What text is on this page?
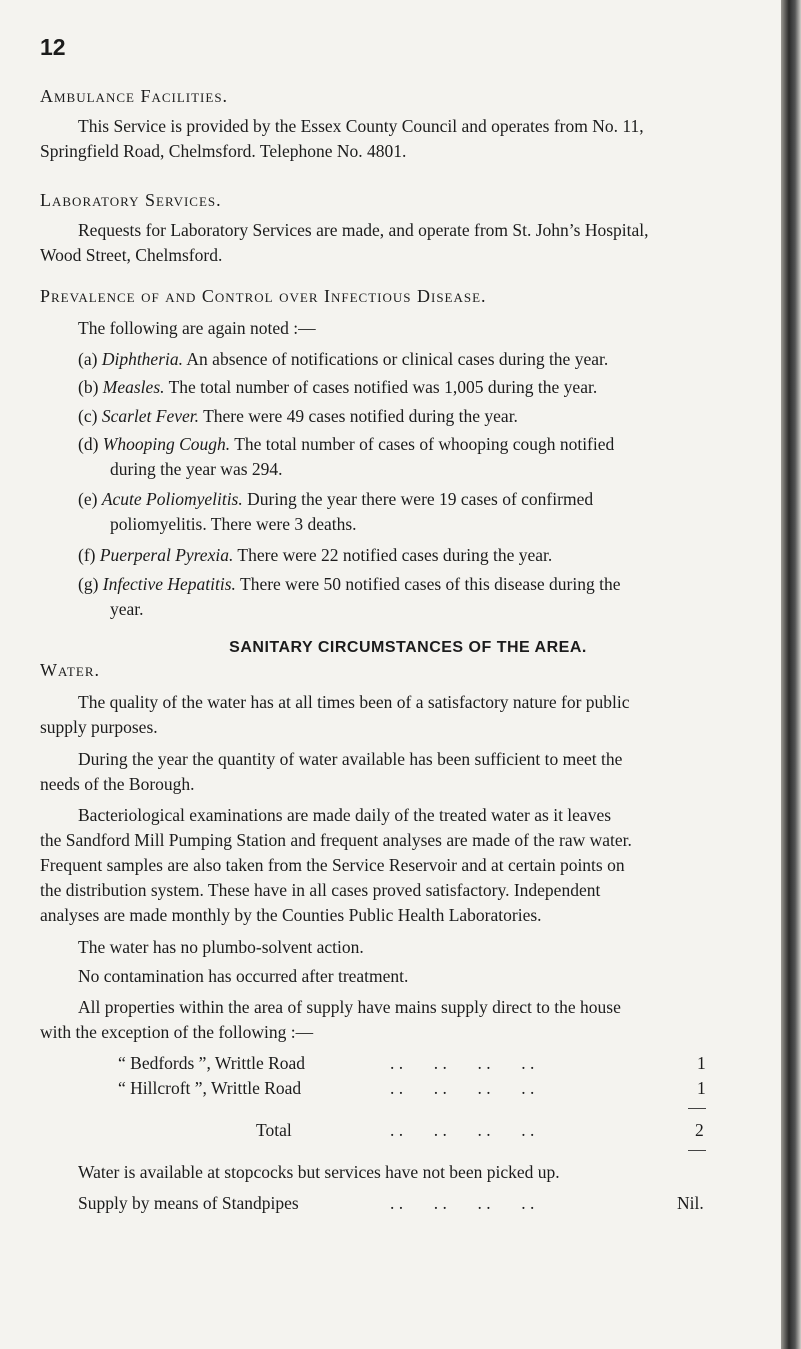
12
Ambulance Facilities.
This Service is provided by the Essex County Council and operates from No. 11,
Springfield Road, Chelmsford. Telephone No. 4801.
Laboratory Services.
Requests for Laboratory Services are made, and operate from St. John’s Hospital,
Wood Street, Chelmsford.
Prevalence of and Control over Infectious Disease.
The following are again noted :—
(a) Diphtheria. An absence of notifications or clinical cases during the year.
(b) Measles. The total number of cases notified was 1,005 during the year.
(c) Scarlet Fever. There were 49 cases notified during the year.
(d) Whooping Cough. The total number of cases of whooping cough notified
during the year was 294.
(e) Acute Poliomyelitis. During the year there were 19 cases of confirmed
poliomyelitis. There were 3 deaths.
(f) Puerperal Pyrexia. There were 22 notified cases during the year.
(g) Infective Hepatitis. There were 50 notified cases of this disease during the
year.
SANITARY CIRCUMSTANCES OF THE AREA.
Water.
The quality of the water has at all times been of a satisfactory nature for public
supply purposes.
During the year the quantity of water available has been sufficient to meet the
needs of the Borough.
Bacteriological examinations are made daily of the treated water as it leaves
the Sandford Mill Pumping Station and frequent analyses are made of the raw water.
Frequent samples are also taken from the Service Reservoir and at certain points on
the distribution system. These have in all cases proved satisfactory. Independent
analyses are made monthly by the Counties Public Health Laboratories.
The water has no plumbo-solvent action.
No contamination has occurred after treatment.
All properties within the area of supply have mains supply direct to the house
with the exception of the following :—
“ Bedfords ”, Writtle Road	. .       . .       . .       . .	1
“ Hillcroft ”, Writtle Road	. .       . .       . .       . .	1
Total	. .       . .       . .       . .	2
Water is available at stopcocks but services have not been picked up.
Supply by means of Standpipes	. .       . .       . .       . .	Nil.
